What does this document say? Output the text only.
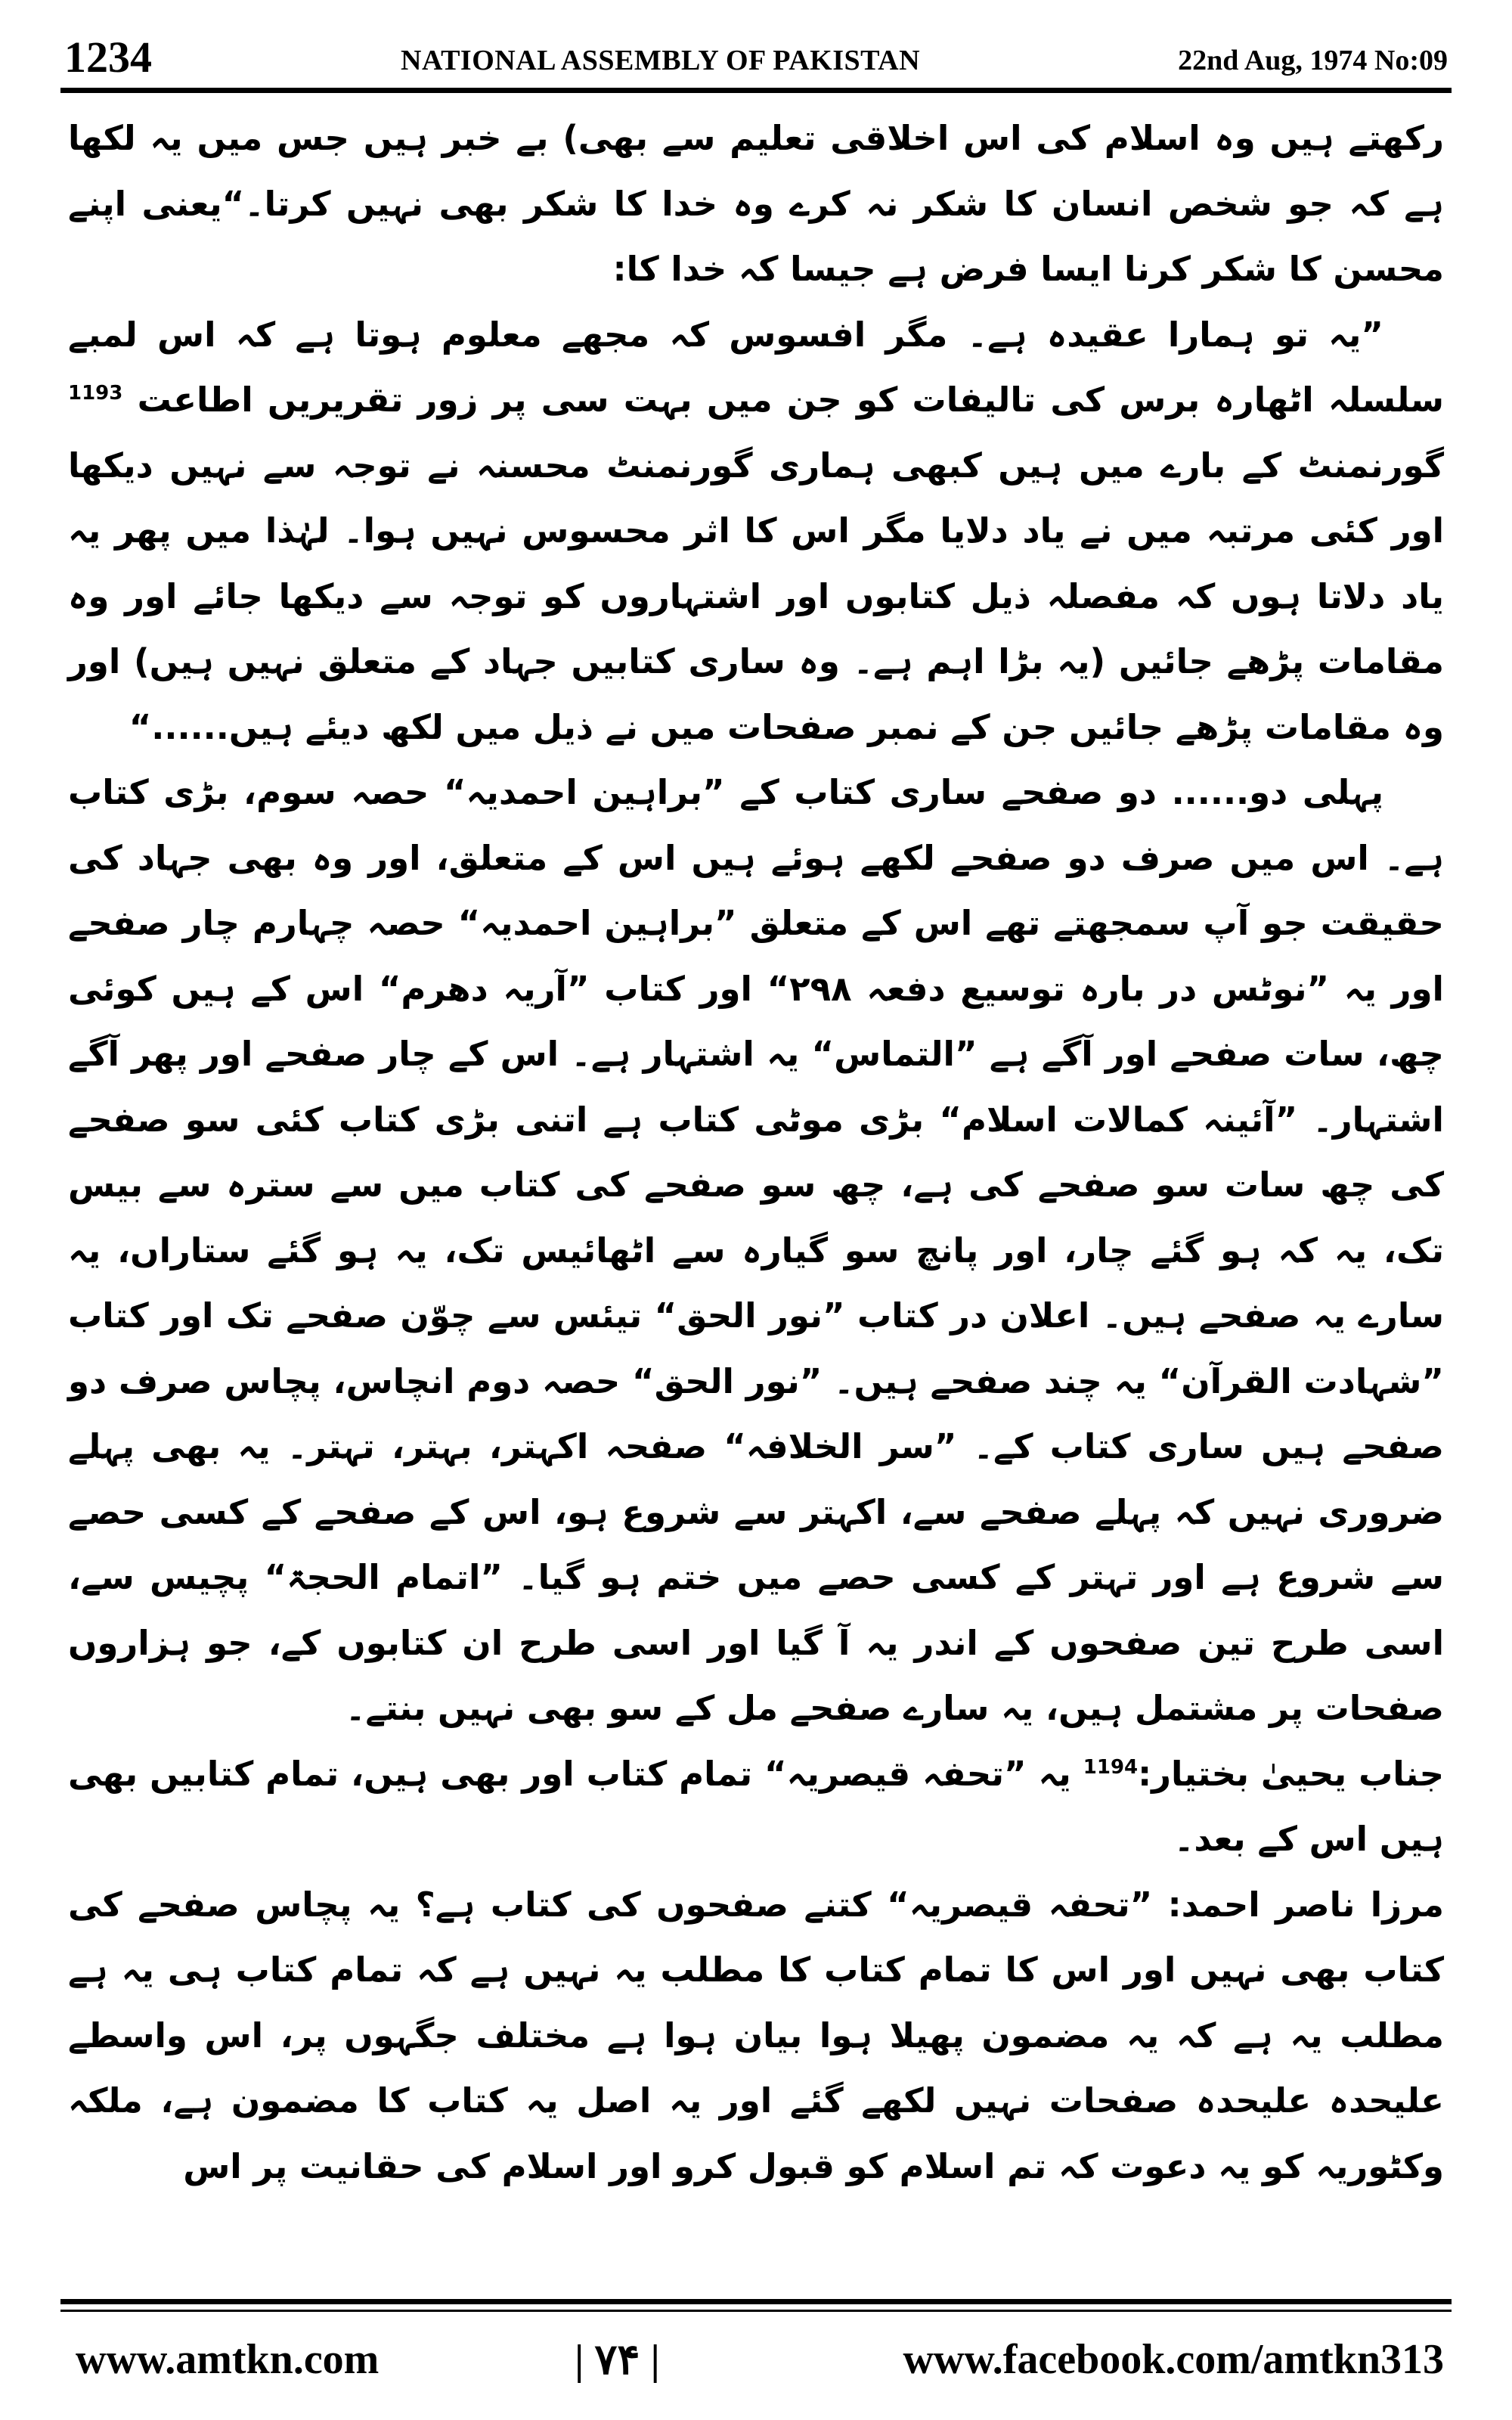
1234	NATIONAL ASSEMBLY OF PAKISTAN	22nd Aug, 1974 No:09

رکھتے ہیں وہ اسلام کی اس اخلاقی تعلیم سے بھی) بے خبر ہیں جس میں یہ لکھا ہے کہ جو شخص انسان کا شکر نہ کرے وہ خدا کا شکر بھی نہیں کرتا۔“یعنی اپنے محسن کا شکر کرنا ایسا فرض ہے جیسا کہ خدا کا:

”یہ تو ہمارا عقیدہ ہے۔ مگر افسوس کہ مجھے معلوم ہوتا ہے کہ اس لمبے سلسلہ اٹھارہ برس کی تالیفات کو جن میں بہت سی پر زور تقریریں اطاعت $^{1193}$ گورنمنٹ کے بارے میں ہیں کبھی ہماری گورنمنٹ محسنہ نے توجہ سے نہیں دیکھا اور کئی مرتبہ میں نے یاد دلایا مگر اس کا اثر محسوس نہیں ہوا۔ لہٰذا میں پھر یہ یاد دلاتا ہوں کہ مفصلہ ذیل کتابوں اور اشتہاروں کو توجہ سے دیکھا جائے اور وہ مقامات پڑھے جائیں (یہ بڑا اہم ہے۔ وہ ساری کتابیں جہاد کے متعلق نہیں ہیں) اور وہ مقامات پڑھے جائیں جن کے نمبر صفحات میں نے ذیل میں لکھ دیئے ہیں......“

پہلی دو...... دو صفحے ساری کتاب کے ”براہین احمدیہ“ حصہ سوم، بڑی کتاب ہے۔ اس میں صرف دو صفحے لکھے ہوئے ہیں اس کے متعلق، اور وہ بھی جہاد کی حقیقت جو آپ سمجھتے تھے اس کے متعلق ”براہین احمدیہ“ حصہ چہارم چار صفحے اور یہ ”نوٹس در بارہ توسیع دفعہ ۲۹۸“ اور کتاب ”آریہ دھرم“ اس کے ہیں کوئی چھ، سات صفحے اور آگے ہے ”التماس“ یہ اشتہار ہے۔ اس کے چار صفحے اور پھر آگے اشتہار۔ ”آئینہ کمالات اسلام“ بڑی موٹی کتاب ہے اتنی بڑی کتاب کئی سو صفحے کی چھ سات سو صفحے کی ہے، چھ سو صفحے کی کتاب میں سے سترہ سے بیس تک، یہ کہ ہو گئے چار، اور پانچ سو گیارہ سے اٹھائیس تک، یہ ہو گئے ستاراں، یہ سارے یہ صفحے ہیں۔ اعلان در کتاب ”نور الحق“ تیئس سے چوّن صفحے تک اور کتاب ”شہادت القرآن“ یہ چند صفحے ہیں۔ ”نور الحق“ حصہ دوم انچاس، پچاس صرف دو صفحے ہیں ساری کتاب کے۔ ”سر الخلافہ“ صفحہ اکہتر، بہتر، تہتر۔ یہ بھی پہلے ضروری نہیں کہ پہلے صفحے سے، اکہتر سے شروع ہو، اس کے صفحے کے کسی حصے سے شروع ہے اور تہتر کے کسی حصے میں ختم ہو گیا۔ ”اتمام الحجۃ“ پچیس سے، اسی طرح تین صفحوں کے اندر یہ آ گیا اور اسی طرح ان کتابوں کے، جو ہزاروں صفحات پر مشتمل ہیں، یہ سارے صفحے مل کے سو بھی نہیں بنتے۔

جناب یحییٰ بختیار:$^{1194}$ یہ ”تحفہ قیصریہ“ تمام کتاب اور بھی ہیں، تمام کتابیں بھی ہیں اس کے بعد۔

مرزا ناصر احمد: ”تحفہ قیصریہ“ کتنے صفحوں کی کتاب ہے؟ یہ پچاس صفحے کی کتاب بھی نہیں اور اس کا تمام کتاب کا مطلب یہ نہیں ہے کہ تمام کتاب ہی یہ ہے مطلب یہ ہے کہ یہ مضمون پھیلا ہوا بیان ہوا ہے مختلف جگہوں پر، اس واسطے علیحدہ علیحدہ صفحات نہیں لکھے گئے اور یہ اصل یہ کتاب کا مضمون ہے، ملکہ وکٹوریہ کو یہ دعوت کہ تم اسلام کو قبول کرو اور اسلام کی حقانیت پر اس

www.amtkn.com	| ۷۴ |	www.facebook.com/amtkn313
